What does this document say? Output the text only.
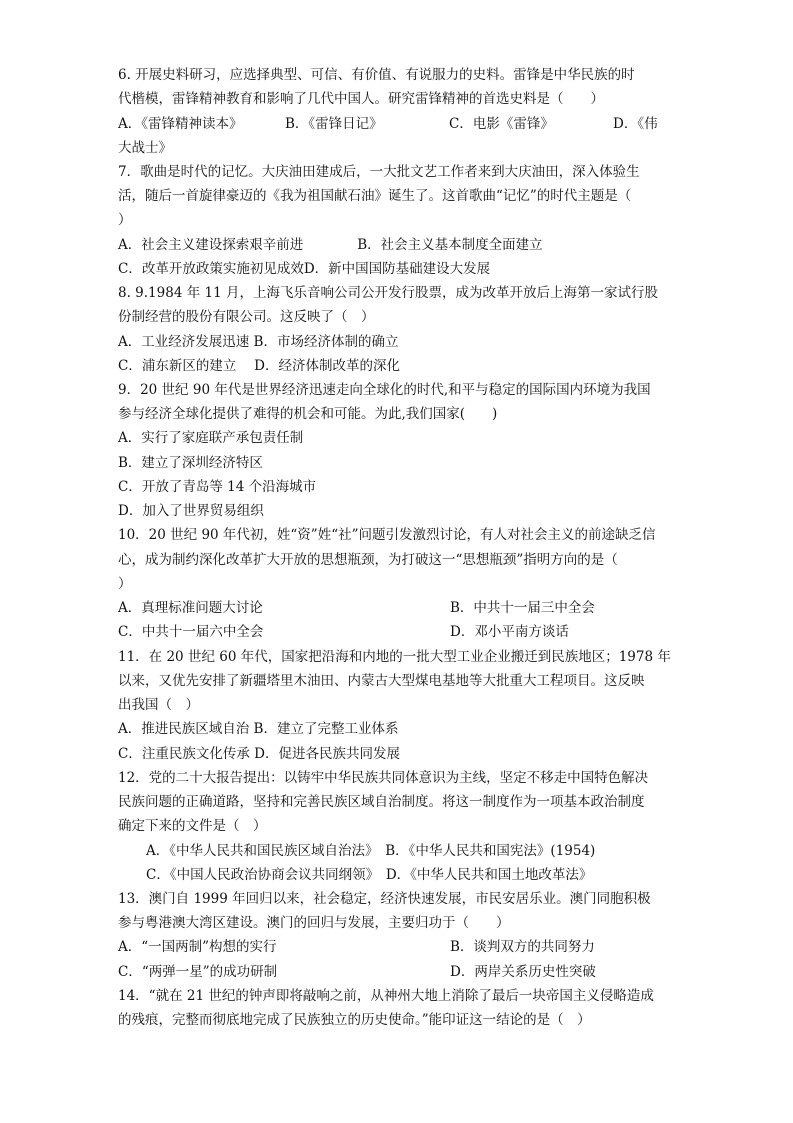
6. 开展史料研习，应选择典型、可信、有价值、有说服力的史料。雷锋是中华民族的时
代楷模，雷锋精神教育和影响了几代中国人。研究雷锋精神的首选史料是（　　）
A．《雷锋精神读本》	B．《雷锋日记》	C．电影《雷锋》	D．《伟
大战士》
7．歌曲是时代的记忆。大庆油田建成后，一大批文艺工作者来到大庆油田，深入体验生
活，随后一首旋律豪迈的《我为祖国献石油》诞生了。这首歌曲“记忆”的时代主题是（
）
A．社会主义建设探索艰辛前进　　　　B．社会主义基本制度全面建立
C．改革开放政策实施初见成效D．新中国国防基础建设大发展
8. 9.1984 年 11 月，上海飞乐音响公司公开发行股票，成为改革开放后上海第一家试行股
份制经营的股份有限公司。这反映了（　）
A．工业经济发展迅速 B．市场经济体制的确立
C．浦东新区的建立　 D．经济体制改革的深化
9．20 世纪 90 年代是世界经济迅速走向全球化的时代,和平与稳定的国际国内环境为我国
参与经济全球化提供了难得的机会和可能。为此,我们国家(　　)
A．实行了家庭联产承包责任制
B．建立了深圳经济特区
C．开放了青岛等 14 个沿海城市
D．加入了世界贸易组织
10．20 世纪 90 年代初，姓“资”姓“社”问题引发激烈讨论，有人对社会主义的前途缺乏信
心，成为制约深化改革扩大开放的思想瓶颈，为打破这一“思想瓶颈”指明方向的是（
）
A．真理标准问题大讨论	B．中共十一届三中全会
C．中共十一届六中全会	D．邓小平南方谈话
11．在 20 世纪 60 年代，国家把沿海和内地的一批大型工业企业搬迁到民族地区；1978 年
以来，又优先安排了新疆塔里木油田、内蒙古大型煤电基地等大批重大工程项目。这反映
出我国（　）
A．推进民族区域自治 B．建立了完整工业体系
C．注重民族文化传承 D．促进各民族共同发展
12．党的二十大报告提出：以铸牢中华民族共同体意识为主线，坚定不移走中国特色解决
民族问题的正确道路，坚持和完善民族区域自治制度。将这一制度作为一项基本政治制度
确定下来的文件是（　）
A．《中华人民共和国民族区域自治法》　B．《中华人民共和国宪法》(1954)
C．《中国人民政治协商会议共同纲领》　D．《中华人民共和国土地改革法》
13．澳门自 1999 年回归以来，社会稳定，经济快速发展，市民安居乐业。澳门同胞积极
参与粤港澳大湾区建设。澳门的回归与发展，主要归功于（　　）
A．“一国两制”构想的实行	B．谈判双方的共同努力
C．“两弹一星”的成功研制	D．两岸关系历史性突破
14．“就在 21 世纪的钟声即将敲响之前，从神州大地上消除了最后一块帝国主义侵略造成
的残痕，完整而彻底地完成了民族独立的历史使命。”能印证这一结论的是（　）
